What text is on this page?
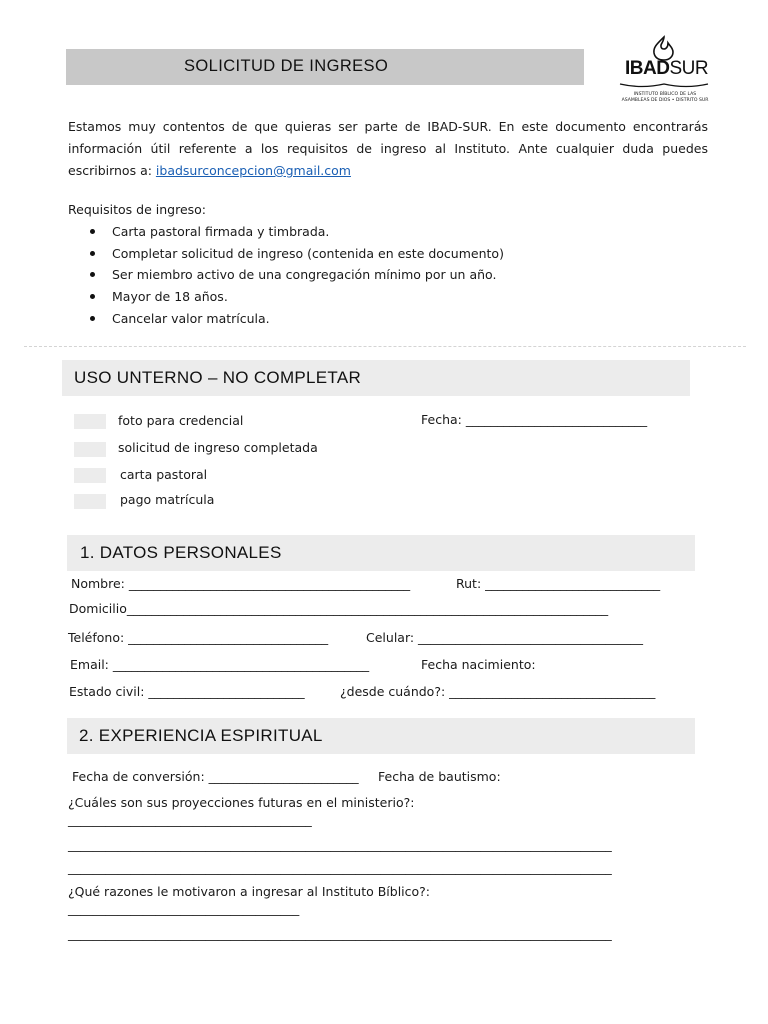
SOLICITUD DE INGRESO	IBADSUR
INSTITUTO BÍBLICO DE LAS ASAMBLEAS DE DIOS • DISTRITO SUR
Estamos muy contentos de que quieras ser parte de IBAD-SUR. En este documento encontrarás información útil referente a los requisitos de ingreso al Instituto. Ante cualquier duda puedes escribirnos a: ibadsurconcepcion@gmail.com
Requisitos de ingreso:
Carta pastoral firmada y timbrada.
Completar solicitud de ingreso (contenida en este documento)
Ser miembro activo de una congregación mínimo por un año.
Mayor de 18 años.
Cancelar valor matrícula.
USO UNTERNO – NO COMPLETAR
foto para credencial	Fecha: _____________________________
solicitud de ingreso completada
carta pastoral
pago matrícula
1. DATOS PERSONALES
Nombre: _____________________________________________	Rut: ____________________________
Domicilio_____________________________________________________________________________
Teléfono: ________________________________	Celular: ____________________________________
Email: _________________________________________	Fecha nacimiento:
Estado civil: _________________________	¿desde cuándo?: _________________________________
2. EXPERIENCIA ESPIRITUAL
Fecha de conversión: ________________________ Fecha de bautismo:
¿Cuáles son sus proyecciones futuras en el ministerio?:
_______________________________________
_______________________________________________________________________________________
_______________________________________________________________________________________
¿Qué razones le motivaron a ingresar al Instituto Bíblico?:
_____________________________________
_______________________________________________________________________________________
